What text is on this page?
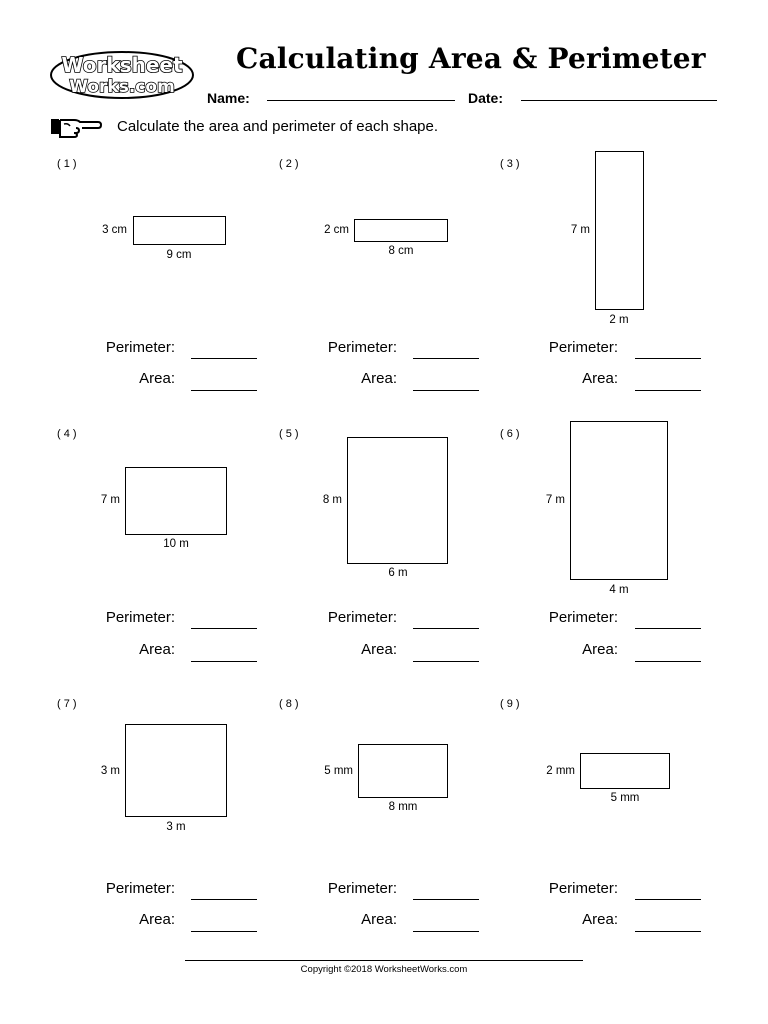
Worksheet
Works.com
Calculating Area & Perimeter
Name:	Date:
Calculate the area and perimeter of each shape.
( 1 )
3 cm
9 cm
Perimeter:
Area:
( 2 )
2 cm
8 cm
Perimeter:
Area:
( 3 )
7 m
2 m
Perimeter:
Area:
( 4 )
7 m
10 m
Perimeter:
Area:
( 5 )
8 m
6 m
Perimeter:
Area:
( 6 )
7 m
4 m
Perimeter:
Area:
( 7 )
3 m
3 m
Perimeter:
Area:
( 8 )
5 mm
8 mm
Perimeter:
Area:
( 9 )
2 mm
5 mm
Perimeter:
Area:
Copyright ©2018 WorksheetWorks.com
